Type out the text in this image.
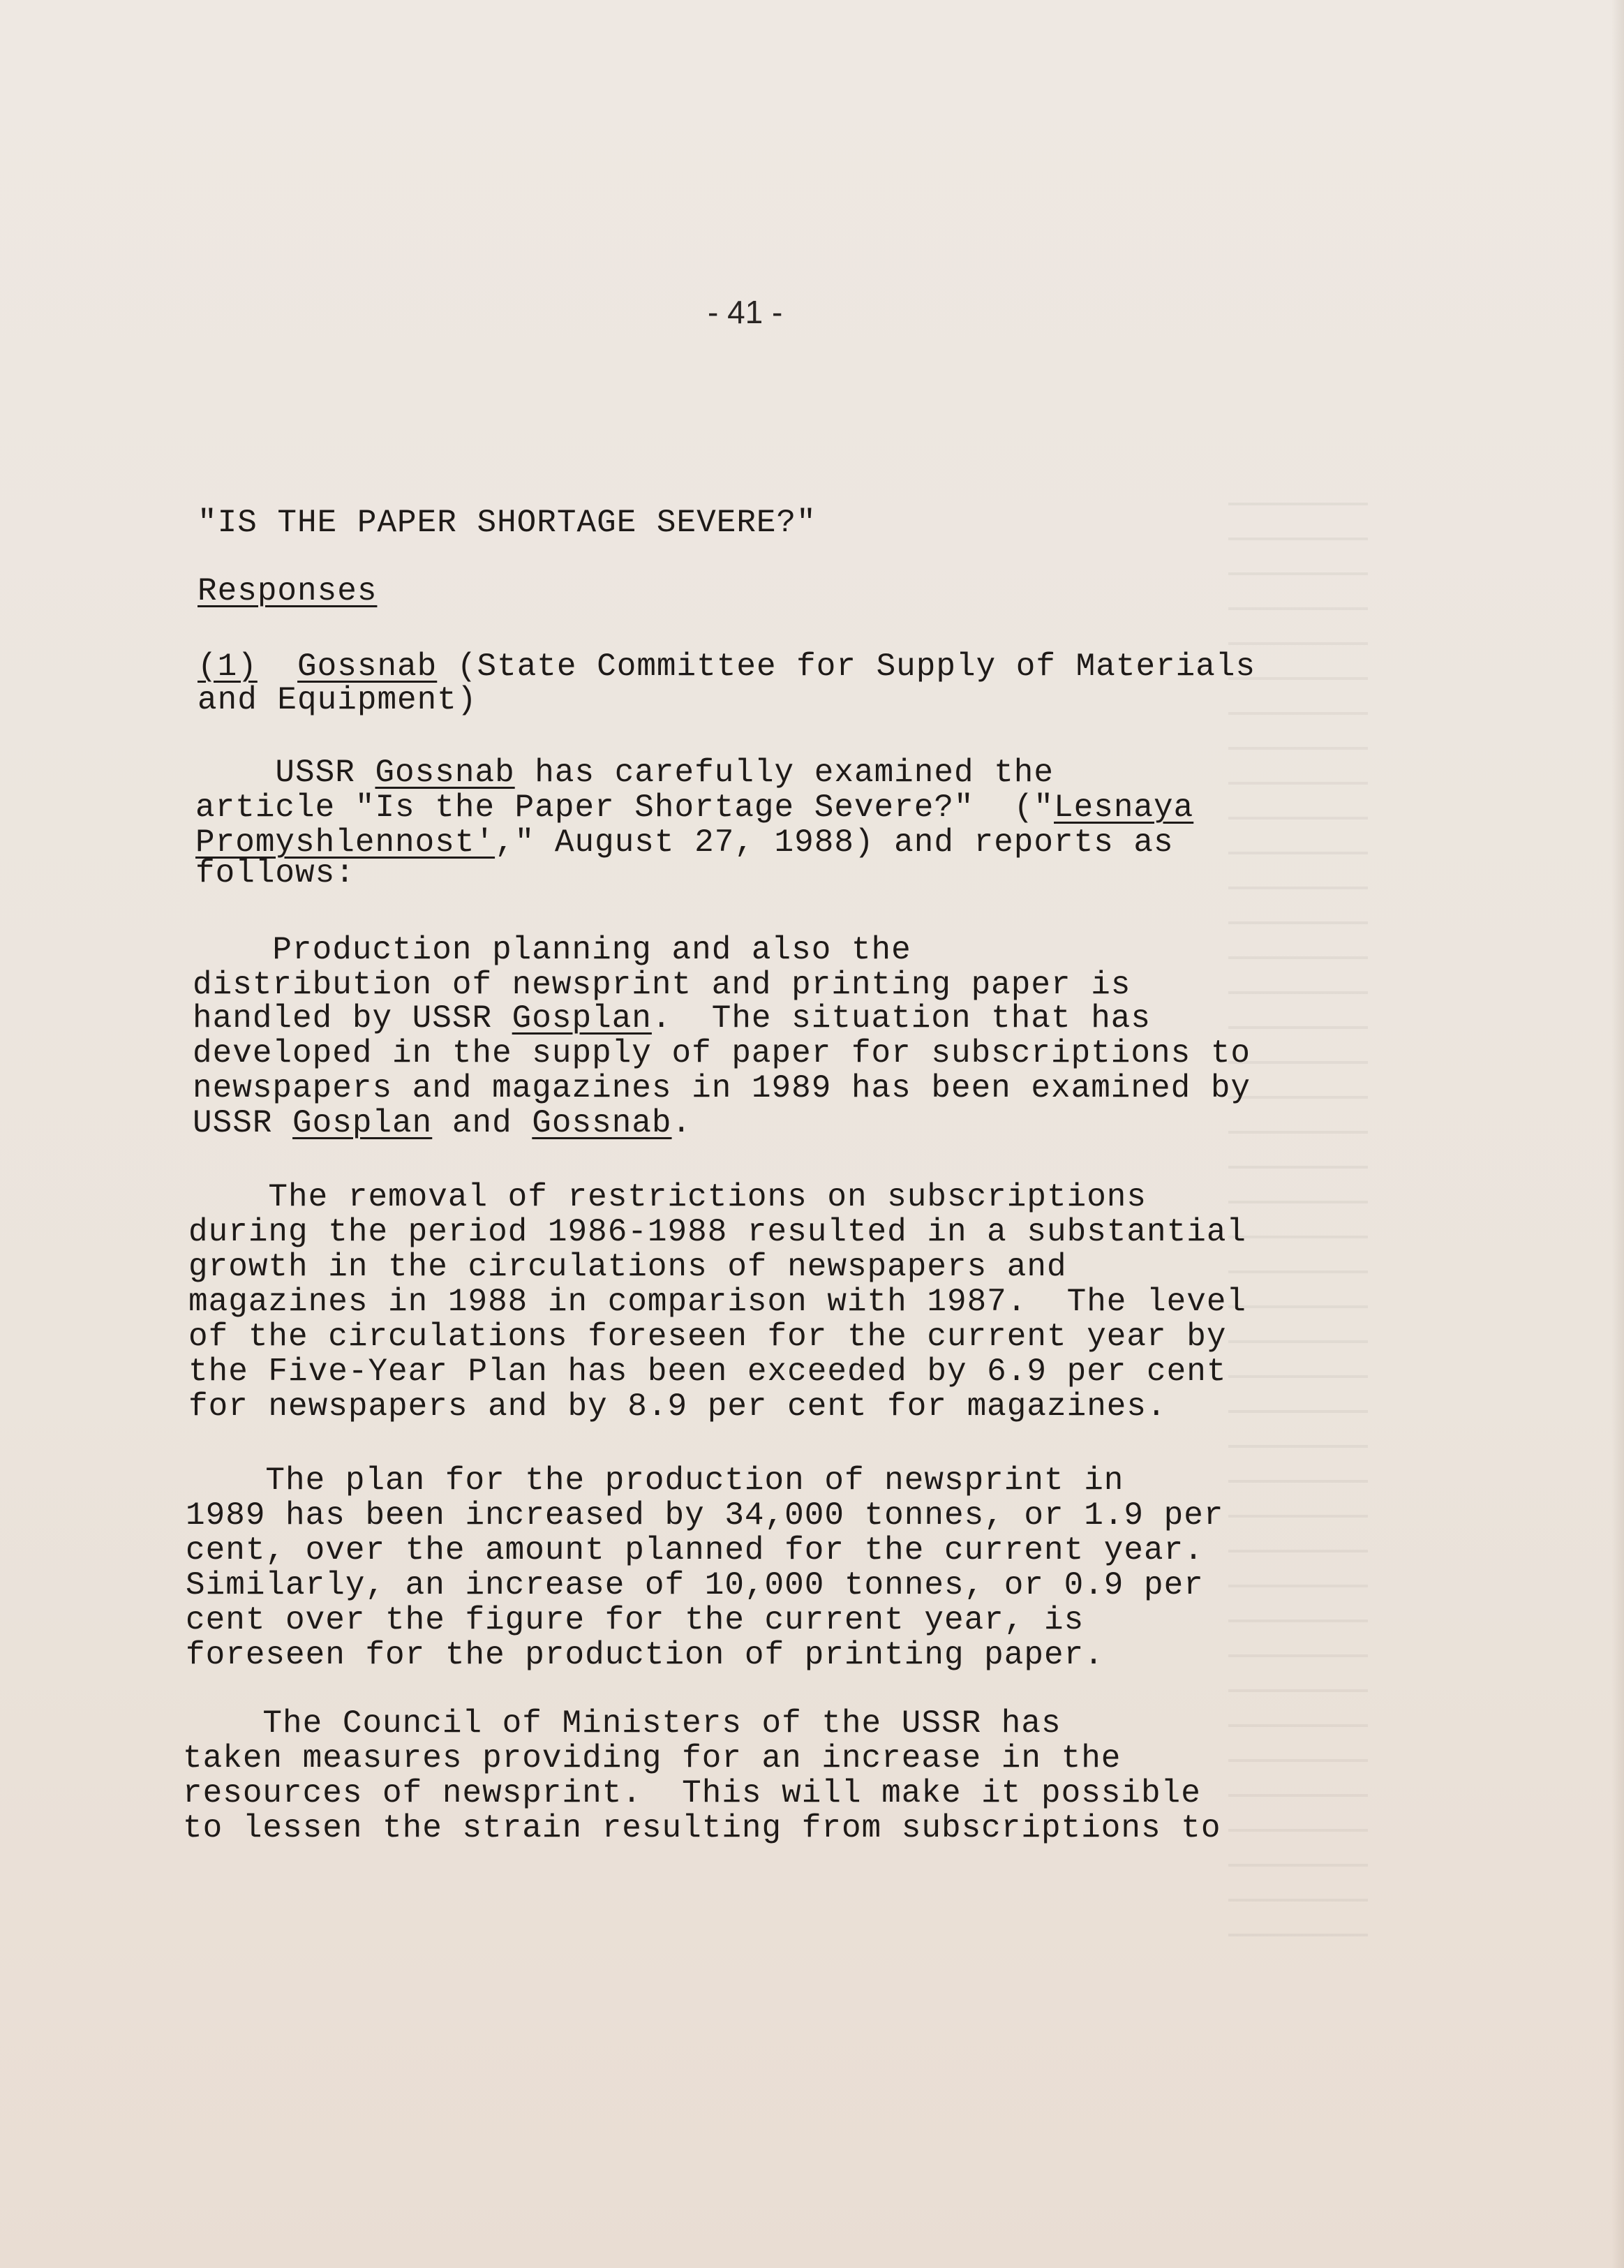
- 41 -
"IS THE PAPER SHORTAGE SEVERE?"
Responses
(1) Gossnab (State Committee for Supply of Materials
and Equipment)
USSR Gossnab has carefully examined the
article "Is the Paper Shortage Severe?"  ("Lesnaya
Promyshlennost'," August 27, 1988) and reports as
follows:
Production planning and also the
distribution of newsprint and printing paper is
handled by USSR Gosplan.  The situation that has
developed in the supply of paper for subscriptions to
newspapers and magazines in 1989 has been examined by
USSR Gosplan and Gossnab.
The removal of restrictions on subscriptions
during the period 1986-1988 resulted in a substantial
growth in the circulations of newspapers and
magazines in 1988 in comparison with 1987.  The level
of the circulations foreseen for the current year by
the Five-Year Plan has been exceeded by 6.9 per cent
for newspapers and by 8.9 per cent for magazines.
The plan for the production of newsprint in
1989 has been increased by 34,000 tonnes, or 1.9 per
cent, over the amount planned for the current year.
Similarly, an increase of 10,000 tonnes, or 0.9 per
cent over the figure for the current year, is
foreseen for the production of printing paper.
The Council of Ministers of the USSR has
taken measures providing for an increase in the
resources of newsprint.  This will make it possible
to lessen the strain resulting from subscriptions to
